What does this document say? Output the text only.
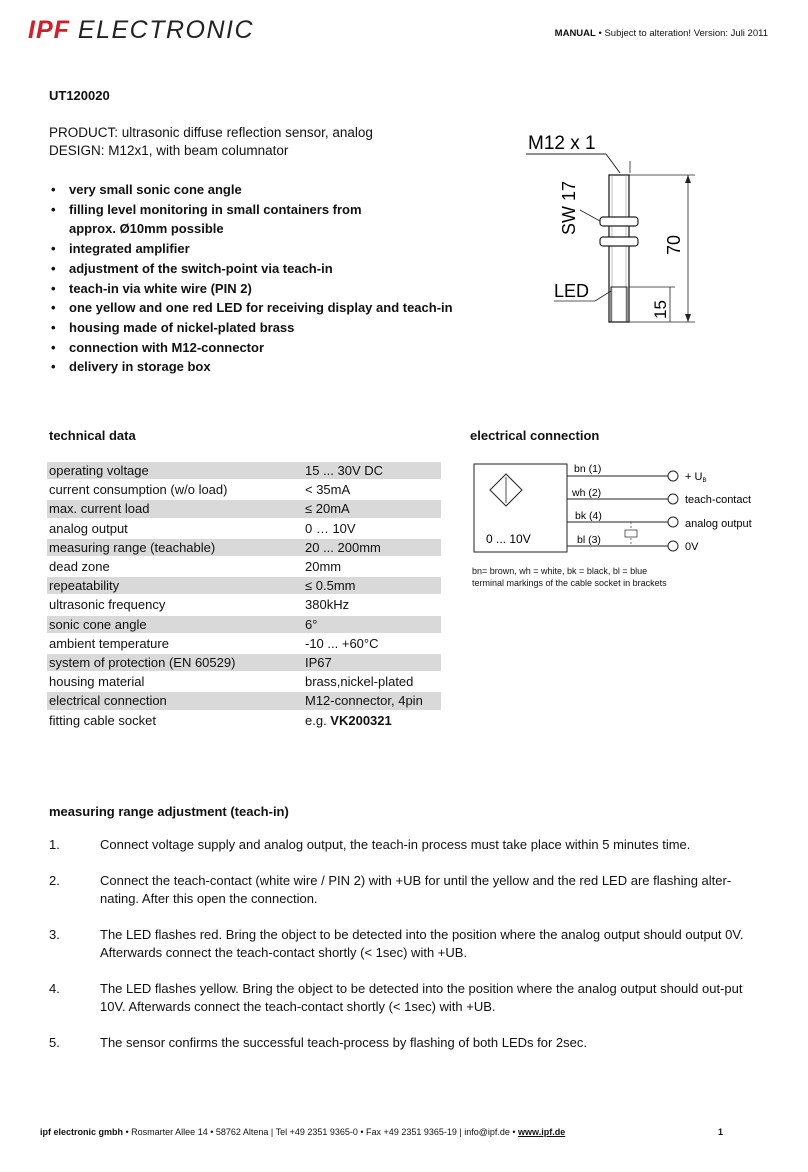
IPF ELECTRONIC	MANUAL • Subject to alteration! Version: Juli 2011
UT120020
PRODUCT: ultrasonic diffuse reflection sensor, analog
DESIGN: M12x1, with beam columnator
• very small sonic cone angle
• filling level monitoring in small containers from approx. Ø10mm possible
• integrated amplifier
• adjustment of the switch-point via teach-in
• teach-in via white wire (PIN 2)
• one yellow and one red LED for receiving display and teach-in
• housing made of nickel-plated brass
• connection with M12-connector
• delivery in storage box
M12 x 1
70
15
SW 17
LED
technical data
operating voltage	15 ... 30V DC
current consumption (w/o load)	< 35mA
max. current load	≤ 20mA
analog output	0 … 10V
measuring range (teachable)	20 ... 200mm
dead zone	20mm
repeatability	≤ 0.5mm
ultrasonic frequency	380kHz
sonic cone angle	6°
ambient temperature	-10 ... +60°C
system of protection (EN 60529)	IP67
housing material	brass,nickel-plated
electrical connection	M12-connector, 4pin
fitting cable socket	e.g. VK200321
electrical connection
0 ... 10V
bn (1)
wh (2)
bk (4)
bl (3)
+ UB
teach-contact
analog output
0V
bn= brown, wh = white, bk = black, bl = blue
terminal markings of the cable socket in brackets
measuring range adjustment (teach-in)
1.	Connect voltage supply and analog output, the teach-in process must take place within 5 minutes time.
2.	Connect the teach-contact (white wire / PIN 2) with +UB for until the yellow and the red LED are flashing alter-nating. After this open the connection.
3.	The LED flashes red. Bring the object to be detected into the position where the analog output should output 0V. Afterwards connect the teach-contact shortly (< 1sec) with +UB.
4.	The LED flashes yellow. Bring the object to be detected into the position where the analog output should out-put 10V. Afterwards connect the teach-contact shortly (< 1sec) with +UB.
5.	The sensor confirms the successful teach-process by flashing of both LEDs for 2sec.
ipf electronic gmbh • Rosmarter Allee 14 • 58762 Altena | Tel +49 2351 9365-0 • Fax +49 2351 9365-19 | info@ipf.de • www.ipf.de	1
